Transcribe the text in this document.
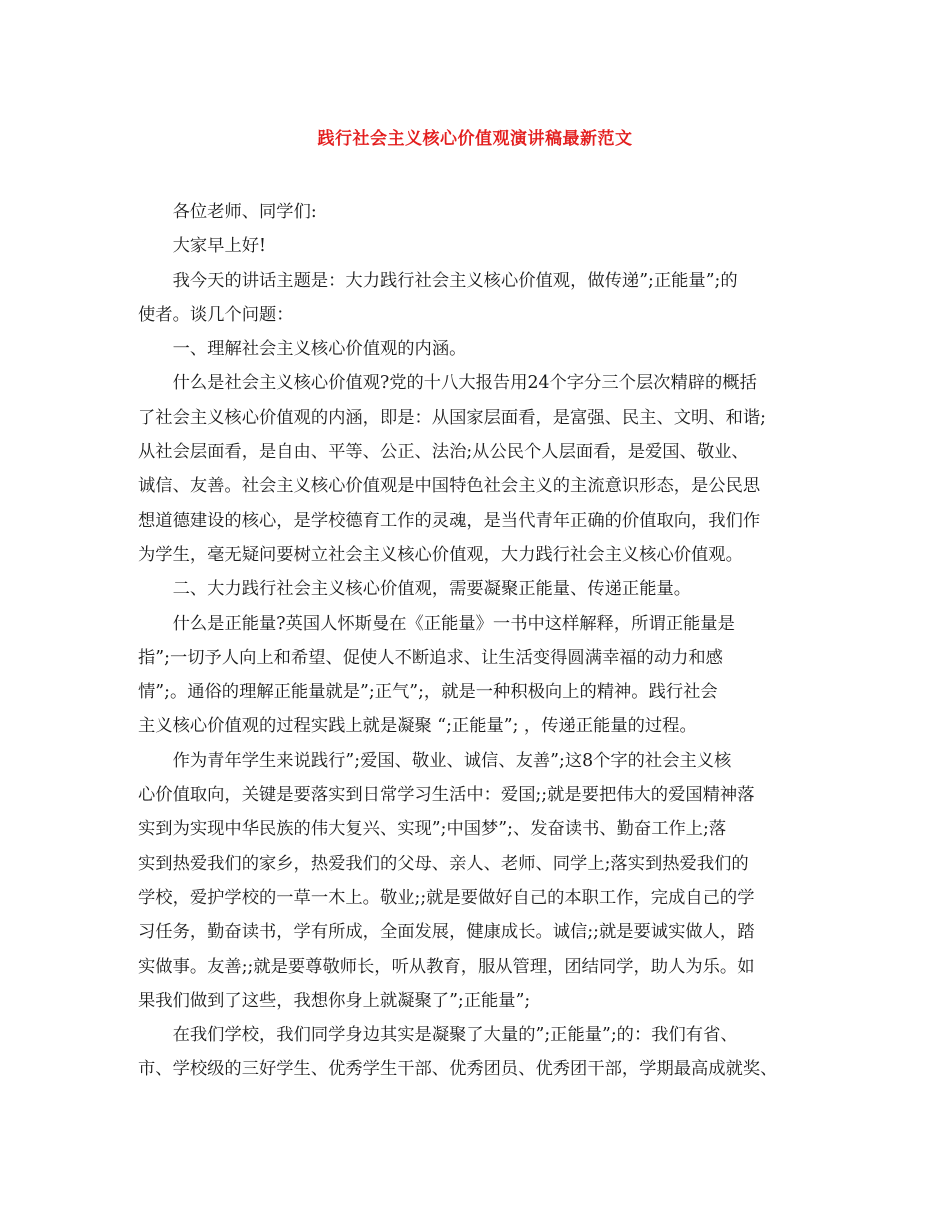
践行社会主义核心价值观演讲稿最新范文
各位老师、同学们:
大家早上好!
我今天的讲话主题是：大力践行社会主义核心价值观，做传递”;正能量”;的
使者。谈几个问题：
一、理解社会主义核心价值观的内涵。
什么是社会主义核心价值观?党的十八大报告用24个字分三个层次精辟的概括
了社会主义核心价值观的内涵，即是：从国家层面看，是富强、民主、文明、和谐;
从社会层面看，是自由、平等、公正、法治;从公民个人层面看，是爱国、敬业、
诚信、友善。社会主义核心价值观是中国特色社会主义的主流意识形态，是公民思
想道德建设的核心，是学校德育工作的灵魂，是当代青年正确的价值取向，我们作
为学生，毫无疑问要树立社会主义核心价值观，大力践行社会主义核心价值观。
二、大力践行社会主义核心价值观，需要凝聚正能量、传递正能量。
什么是正能量?英国人怀斯曼在《正能量》一书中这样解释，所谓正能量是
指”;一切予人向上和希望、促使人不断追求、让生活变得圆满幸福的动力和感
情”;。通俗的理解正能量就是”;正气”;，就是一种积极向上的精神。践行社会
主义核心价值观的过程实践上就是凝聚 “;正能量”; ，传递正能量的过程。
作为青年学生来说践行”;爱国、敬业、诚信、友善”;这8个字的社会主义核
心价值取向，关键是要落实到日常学习生活中：爱国;;就是要把伟大的爱国精神落
实到为实现中华民族的伟大复兴、实现”;中国梦”;、发奋读书、勤奋工作上;落
实到热爱我们的家乡，热爱我们的父母、亲人、老师、同学上;落实到热爱我们的
学校，爱护学校的一草一木上。敬业;;就是要做好自己的本职工作，完成自己的学
习任务，勤奋读书，学有所成，全面发展，健康成长。诚信;;就是要诚实做人，踏
实做事。友善;;就是要尊敬师长，听从教育，服从管理，团结同学，助人为乐。如
果我们做到了这些，我想你身上就凝聚了”;正能量”;
在我们学校，我们同学身边其实是凝聚了大量的”;正能量”;的：我们有省、
市、学校级的三好学生、优秀学生干部、优秀团员、优秀团干部，学期最高成就奖、
